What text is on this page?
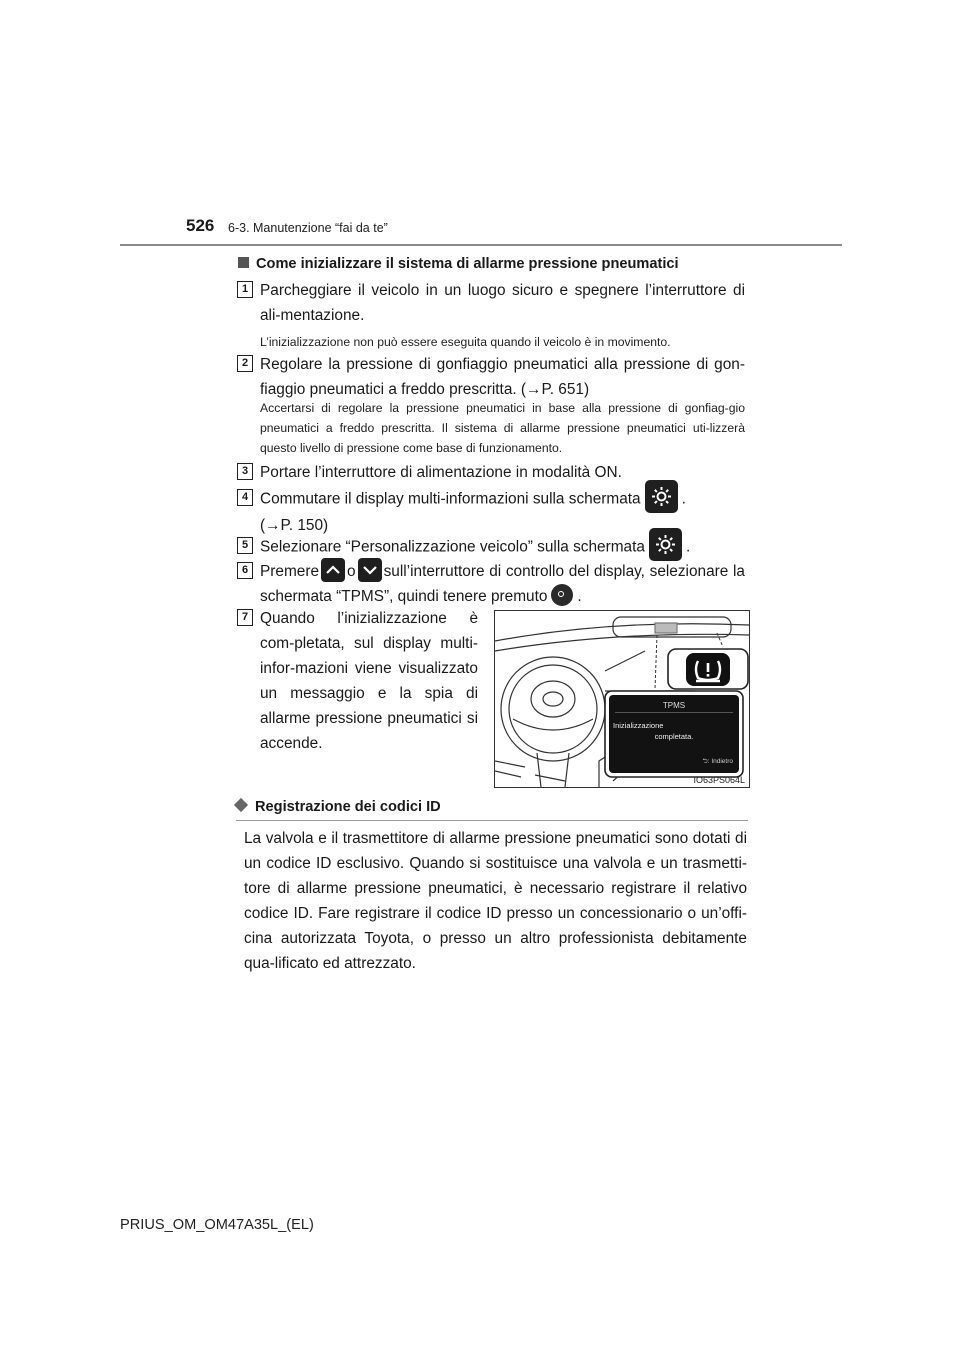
526 6-3. Manutenzione “fai da te”
Come inizializzare il sistema di allarme pressione pneumatici
1 Parcheggiare il veicolo in un luogo sicuro e spegnere l’interruttore di ali-mentazione.
L’inizializzazione non può essere eseguita quando il veicolo è in movimento.
2 Regolare la pressione di gonfiaggio pneumatici alla pressione di gon-fiaggio pneumatici a freddo prescritta. (→P. 651)
Accertarsi di regolare la pressione pneumatici in base alla pressione di gonfiag-gio pneumatici a freddo prescritta. Il sistema di allarme pressione pneumatici uti-lizzerà questo livello di pressione come base di funzionamento.
3 Portare l’interruttore di alimentazione in modalità ON.
4 Commutare il display multi-informazioni sulla schermata	.
(→P. 150)
5 Selezionare “Personalizzazione veicolo” sulla schermata	.
6 Premere o sull’interruttore di controllo del display, selezionare la schermata “TPMS”, quindi tenere premuto .
7 Quando l’inizializzazione è com-pletata, sul display multi-infor-mazioni viene visualizzato un messaggio e la spia di allarme pressione pneumatici si accende.
TPMS
Inizializzazione
completata.
⮌: Indietro
IO63PS064L
Registrazione dei codici ID
La valvola e il trasmettitore di allarme pressione pneumatici sono dotati di un codice ID esclusivo. Quando si sostituisce una valvola e un trasmetti-tore di allarme pressione pneumatici, è necessario registrare il relativo codice ID. Fare registrare il codice ID presso un concessionario o un’offi-cina autorizzata Toyota, o presso un altro professionista debitamente qua-lificato ed attrezzato.
PRIUS_OM_OM47A35L_(EL)
